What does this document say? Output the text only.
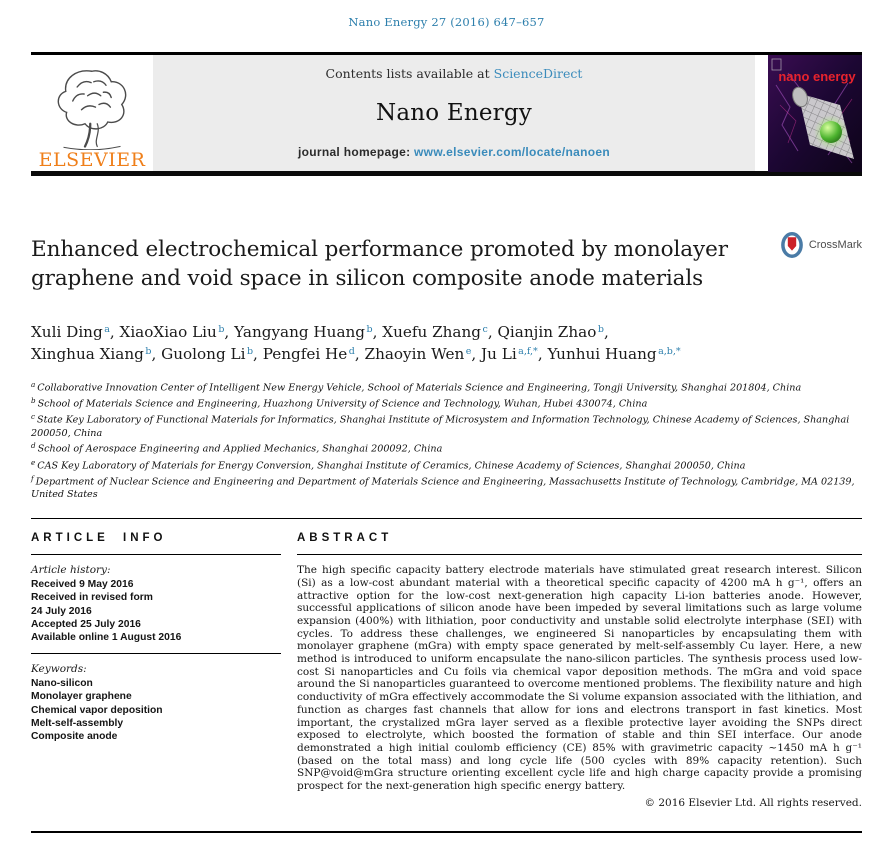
Nano Energy 27 (2016) 647–657
ELSEVIER
Contents lists available at ScienceDirect
Nano Energy
journal homepage: www.elsevier.com/locate/nanoen
nano energy
Enhanced electrochemical performance promoted by monolayer graphene and void space in silicon composite anode materials
CrossMark
Xuli Ding $^a$, XiaoXiao Liu $^b$, Yangyang Huang $^b$, Xuefu Zhang $^c$, Qianjin Zhao $^b$,
Xinghua Xiang $^b$, Guolong Li $^b$, Pengfei He $^d$, Zhaoyin Wen $^e$, Ju Li $^{a,f,*}$, Yunhui Huang $^{a,b,*}$
$^a$ Collaborative Innovation Center of Intelligent New Energy Vehicle, School of Materials Science and Engineering, Tongji University, Shanghai 201804, China
$^b$ School of Materials Science and Engineering, Huazhong University of Science and Technology, Wuhan, Hubei 430074, China
$^c$ State Key Laboratory of Functional Materials for Informatics, Shanghai Institute of Microsystem and Information Technology, Chinese Academy of Sciences, Shanghai 200050, China
$^d$ School of Aerospace Engineering and Applied Mechanics, Shanghai 200092, China
$^e$ CAS Key Laboratory of Materials for Energy Conversion, Shanghai Institute of Ceramics, Chinese Academy of Sciences, Shanghai 200050, China
$^f$ Department of Nuclear Science and Engineering and Department of Materials Science and Engineering, Massachusetts Institute of Technology, Cambridge, MA 02139, United States
ARTICLE INFO
Article history:
Received 9 May 2016
Received in revised form
24 July 2016
Accepted 25 July 2016
Available online 1 August 2016
Keywords:
Nano-silicon
Monolayer graphene
Chemical vapor deposition
Melt-self-assembly
Composite anode
ABSTRACT

The high specific capacity battery electrode materials have stimulated great research interest. Silicon (Si) as a low-cost abundant material with a theoretical specific capacity of 4200 mA h g⁻¹, offers an attractive option for the low-cost next-generation high capacity Li-ion batteries anode. However, successful applications of silicon anode have been impeded by several limitations such as large volume expansion (400%) with lithiation, poor conductivity and unstable solid electrolyte interphase (SEI) with cycles. To address these challenges, we engineered Si nanoparticles by encapsulating them with monolayer graphene (mGra) with empty space generated by melt-self-assembly Cu layer. Here, a new method is introduced to uniform encapsulate the nano-silicon particles. The synthesis process used low-cost Si nanoparticles and Cu foils via chemical vapor deposition methods. The mGra and void space around the Si nanoparticles guaranteed to overcome mentioned problems. The flexibility nature and high conductivity of mGra effectively accommodate the Si volume expansion associated with the lithiation, and function as charges fast channels that allow for ions and electrons transport in fast kinetics. Most important, the crystalized mGra layer served as a flexible protective layer avoiding the SNPs direct exposed to electrolyte, which boosted the formation of stable and thin SEI interface. Our anode demonstrated a high initial coulomb efficiency (CE) 85% with gravimetric capacity ~1450 mA h g⁻¹ (based on the total mass) and long cycle life (500 cycles with 89% capacity retention). Such SNP@void@mGra structure orienting excellent cycle life and high charge capacity provide a promising prospect for the next-generation high specific energy battery.

© 2016 Elsevier Ltd. All rights reserved.
